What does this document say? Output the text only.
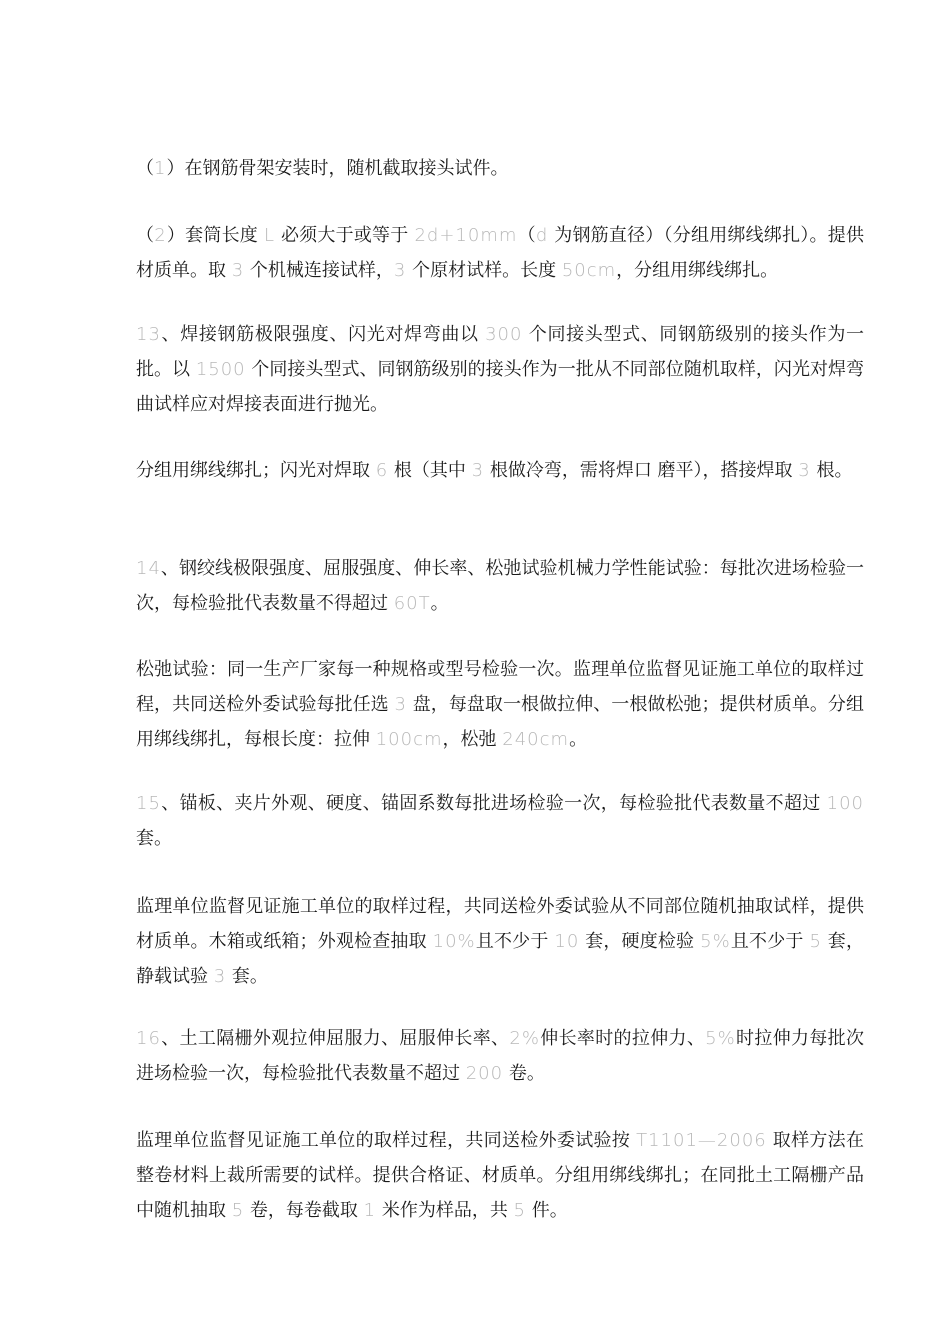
（1）在钢筋骨架安装时，随机截取接头试件。

（2）套筒长度 L 必须大于或等于 2d+10mm（d 为钢筋直径）（分组用绑线绑扎）。提供材质单。取 3 个机械连接试样，3 个原材试样。长度 50cm，分组用绑线绑扎。

13、焊接钢筋极限强度、闪光对焊弯曲以 300 个同接头型式、同钢筋级别的接头作为一批。以 1500 个同接头型式、同钢筋级别的接头作为一批从不同部位随机取样，闪光对焊弯曲试样应对焊接表面进行抛光。

分组用绑线绑扎；闪光对焊取 6 根（其中 3 根做冷弯，需将焊口 磨平），搭接焊取 3 根。

14、钢绞线极限强度、屈服强度、伸长率、松弛试验机械力学性能试验：每批次进场检验一次，每检验批代表数量不得超过 60T。

松弛试验：同一生产厂家每一种规格或型号检验一次。监理单位监督见证施工单位的取样过程，共同送检外委试验每批任选 3 盘，每盘取一根做拉伸、一根做松弛；提供材质单。分组用绑线绑扎，每根长度：拉伸 100cm，松弛 240cm。

15、锚板、夹片外观、硬度、锚固系数每批进场检验一次，每检验批代表数量不超过 100 套。

监理单位监督见证施工单位的取样过程，共同送检外委试验从不同部位随机抽取试样，提供材质单。木箱或纸箱；外观检查抽取 10%且不少于 10 套，硬度检验 5%且不少于 5 套，静载试验 3 套。

16、土工隔栅外观拉伸屈服力、屈服伸长率、2%伸长率时的拉伸力、5%时拉伸力每批次进场检验一次，每检验批代表数量不超过 200 卷。

监理单位监督见证施工单位的取样过程，共同送检外委试验按 T1101—2006 取样方法在整卷材料上裁所需要的试样。提供合格证、材质单。分组用绑线绑扎；在同批土工隔栅产品中随机抽取 5 卷，每卷截取 1 米作为样品，共 5 件。
